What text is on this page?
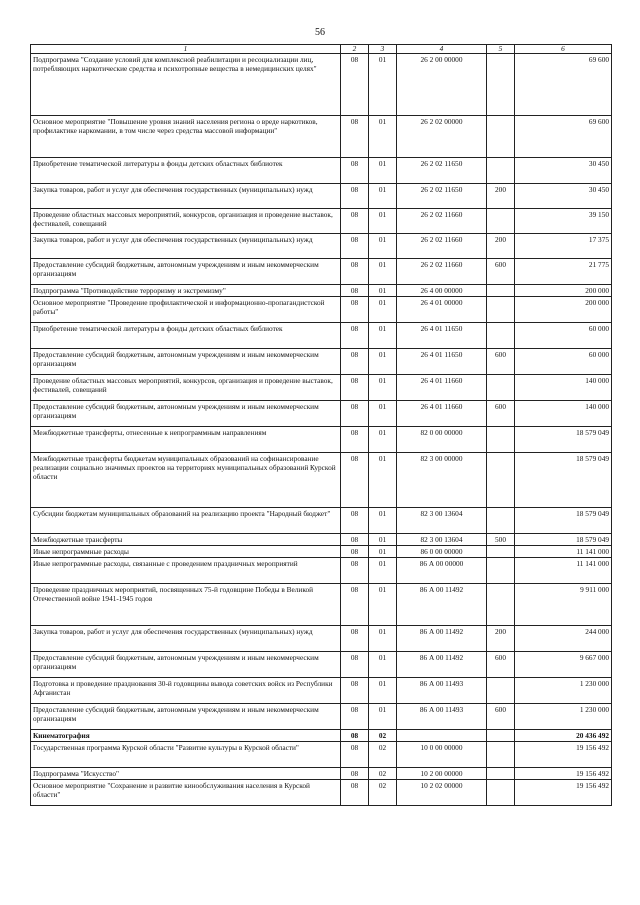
56
1	2	3	4	5	6
Подпрограмма "Создание условий для комплексной реабилитации и ресоциализации лиц, потребляющих наркотические средства и психотропные вещества в немедицинских целях"	08	01	26 2 00 00000		69 600
Основное мероприятие "Повышение уровня знаний населения региона о вреде наркотиков, профилактике наркомании, в том числе через средства массовой информации"	08	01	26 2 02 00000		69 600
Приобретение тематической литературы в фонды детских областных библиотек	08	01	26 2 02 11650		30 450
Закупка товаров, работ и услуг для обеспечения государственных (муниципальных) нужд	08	01	26 2 02 11650	200	30 450
Проведение областных массовых мероприятий, конкурсов, организация и проведение выставок, фестивалей, совещаний	08	01	26 2 02 11660		39 150
Закупка товаров, работ и услуг для обеспечения государственных (муниципальных) нужд	08	01	26 2 02 11660	200	17 375
Предоставление субсидий бюджетным, автономным учреждениям и иным некоммерческим организациям	08	01	26 2 02 11660	600	21 775
Подпрограмма "Противодействие терроризму и экстремизму"	08	01	26 4 00 00000		200 000
Основное мероприятие "Проведение профилактической и информационно-пропагандистской работы"	08	01	26 4 01 00000		200 000
Приобретение тематической литературы в фонды детских областных библиотек	08	01	26 4 01 11650		60 000
Предоставление субсидий бюджетным, автономным учреждениям и иным некоммерческим организациям	08	01	26 4 01 11650	600	60 000
Проведение областных массовых мероприятий, конкурсов, организация и проведение выставок, фестивалей, совещаний	08	01	26 4 01 11660		140 000
Предоставление субсидий бюджетным, автономным учреждениям и иным некоммерческим организациям	08	01	26 4 01 11660	600	140 000
Межбюджетные трансферты, отнесенные к непрограммным направлениям	08	01	82 0 00 00000		18 579 049
Межбюджетные трансферты бюджетам муниципальных образований на софинансирование реализации социально значимых проектов на территориях муниципальных образований Курской области	08	01	82 3 00 00000		18 579 049
Субсидии бюджетам муниципальных образований на реализацию проекта "Народный бюджет"	08	01	82 3 00 13604		18 579 049
Межбюджетные трансферты	08	01	82 3 00 13604	500	18 579 049
Иные непрограммные расходы	08	01	86 0 00 00000		11 141 000
Иные непрограммные расходы, связанные с проведением праздничных мероприятий	08	01	86 А 00 00000		11 141 000
Проведение праздничных мероприятий, посвященных 75-й годовщине Победы в Великой Отечественной войне 1941-1945 годов	08	01	86 А 00 11492		9 911 000
Закупка товаров, работ и услуг для обеспечения государственных (муниципальных) нужд	08	01	86 А 00 11492	200	244 000
Предоставление субсидий бюджетным, автономным учреждениям и иным некоммерческим организациям	08	01	86 А 00 11492	600	9 667 000
Подготовка и проведение празднования 30-й годовщины вывода советских войск из Республики Афганистан	08	01	86 А 00 11493		1 230 000
Предоставление субсидий бюджетным, автономным учреждениям и иным некоммерческим организациям	08	01	86 А 00 11493	600	1 230 000
Кинематография	08	02			20 436 492
Государственная программа Курской области "Развитие культуры в Курской области"	08	02	10 0 00 00000		19 156 492
Подпрограмма "Искусство"	08	02	10 2 00 00000		19 156 492
Основное мероприятие "Сохранение и развитие кинообслуживания населения в Курской области"	08	02	10 2 02 00000		19 156 492
